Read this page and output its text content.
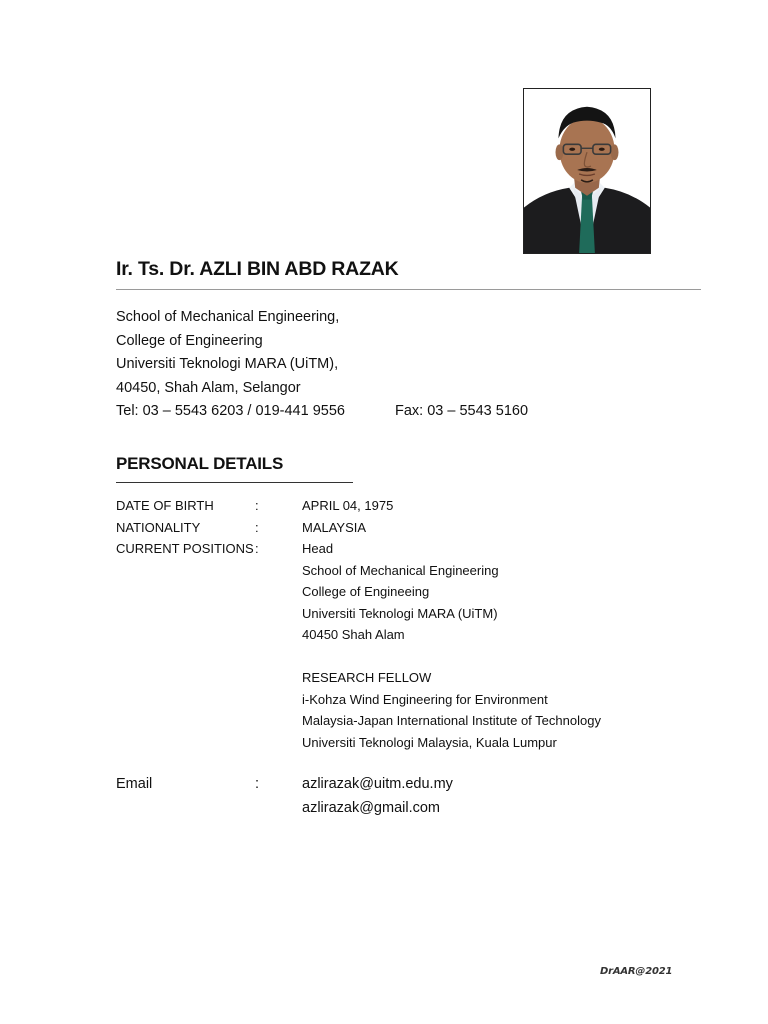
Ir. Ts. Dr. AZLI BIN ABD RAZAK
School of Mechanical Engineering,
College of Engineering
Universiti Teknologi MARA (UiTM),
40450, Shah Alam, Selangor
Tel: 03 – 5543 6203 / 019-441 9556	Fax: 03 – 5543 5160
PERSONAL DETAILS
DATE OF BIRTH	:	APRIL 04, 1975
NATIONALITY	:	MALAYSIA
CURRENT POSITIONS :	Head
School of Mechanical Engineering
College of Engineeing
Universiti Teknologi MARA (UiTM)
40450 Shah Alam
RESEARCH FELLOW
i-Kohza Wind Engineering for Environment
Malaysia-Japan International Institute of Technology
Universiti Teknologi Malaysia, Kuala Lumpur
Email	:	azlirazak@uitm.edu.my
azlirazak@gmail.com
DrAAR@2021
